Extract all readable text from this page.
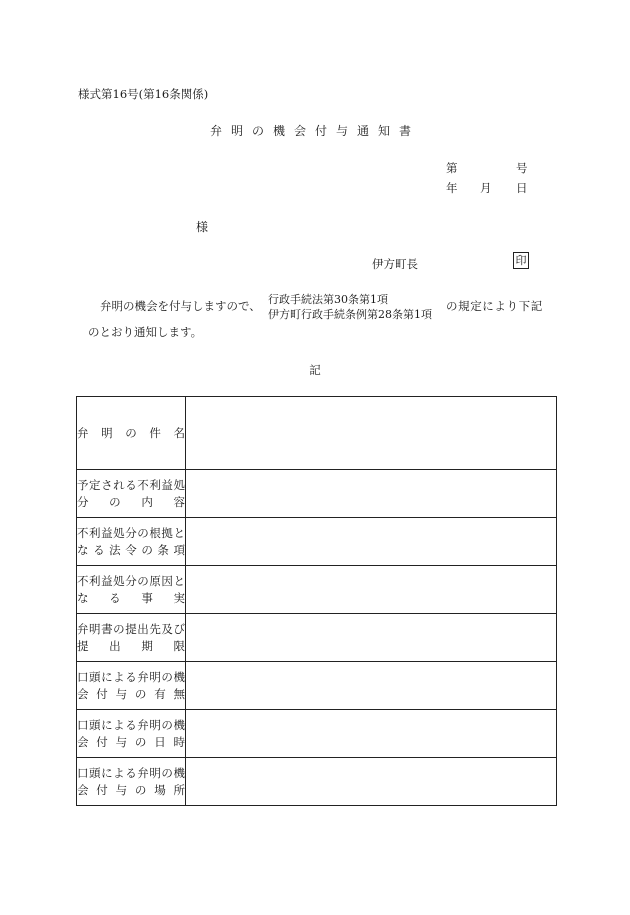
様式第16号(第16条関係)
弁明の機会付与通知書
第	号
年 月 日
様
伊方町長	印
弁明の機会を付与しますので、 行政手続法第30条第1項
伊方町行政手続条例第28条第1項
の規定により下記
のとおり通知します。
記
弁明の件名	

予定される不利益処
分の内容	

不利益処分の根拠と
なる法令の条項	

不利益処分の原因と
なる事実	

弁明書の提出先及び
提出期限	

口頭による弁明の機
会付与の有無	

口頭による弁明の機
会付与の日時	

口頭による弁明の機
会付与の場所	
